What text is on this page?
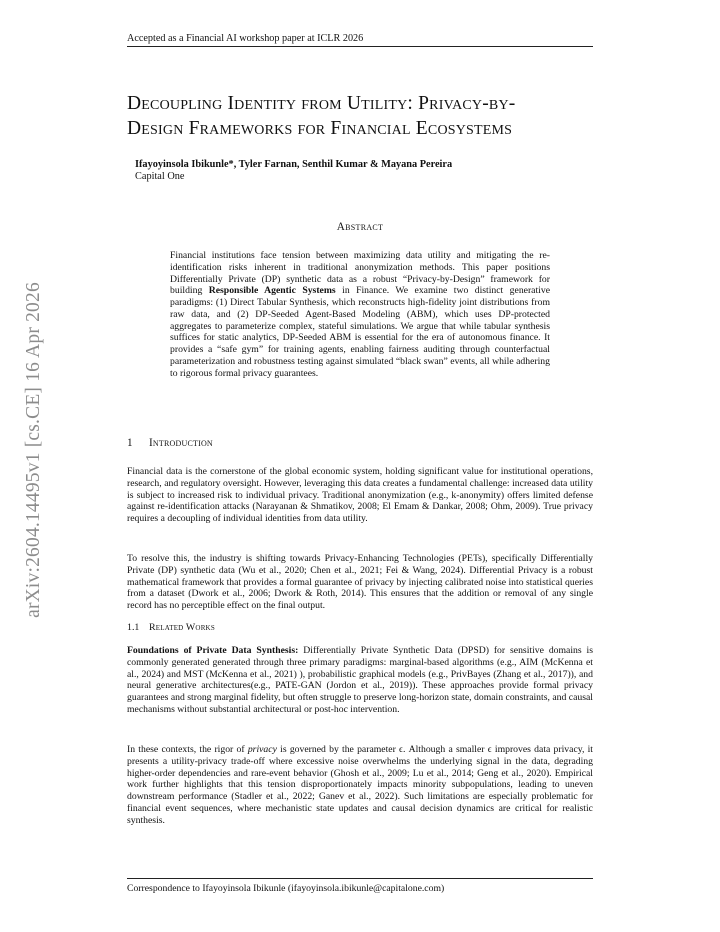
Accepted as a Financial AI workshop paper at ICLR 2026
arXiv:2604.14495v1 [cs.CE] 16 Apr 2026
Decoupling Identity from Utility: Privacy-by-
Design Frameworks for Financial Ecosystems
Ifayoyinsola Ibikunle*, Tyler Farnan, Senthil Kumar & Mayana Pereira
Capital One
Abstract
Financial institutions face tension between maximizing data utility and mitigating the re-identification risks inherent in traditional anonymization methods. This paper positions Differentially Private (DP) synthetic data as a robust “Privacy-by-Design” framework for building Responsible Agentic Systems in Finance. We examine two distinct generative paradigms: (1) Direct Tabular Synthesis, which reconstructs high-fidelity joint distributions from raw data, and (2) DP-Seeded Agent-Based Modeling (ABM), which uses DP-protected aggregates to parameterize complex, stateful simulations. We argue that while tabular synthesis suffices for static analytics, DP-Seeded ABM is essential for the era of autonomous finance. It provides a “safe gym” for training agents, enabling fairness auditing through counterfactual parameterization and robustness testing against simulated “black swan” events, all while adhering to rigorous formal privacy guarantees.
1 Introduction
Financial data is the cornerstone of the global economic system, holding significant value for institutional operations, research, and regulatory oversight. However, leveraging this data creates a fundamental challenge: increased data utility is subject to increased risk to individual privacy. Traditional anonymization (e.g., k-anonymity) offers limited defense against re-identification attacks (Narayanan & Shmatikov, 2008; El Emam & Dankar, 2008; Ohm, 2009). True privacy requires a decoupling of individual identities from data utility.
To resolve this, the industry is shifting towards Privacy-Enhancing Technologies (PETs), specifically Differentially Private (DP) synthetic data (Wu et al., 2020; Chen et al., 2021; Fei & Wang, 2024). Differential Privacy is a robust mathematical framework that provides a formal guarantee of privacy by injecting calibrated noise into statistical queries from a dataset (Dwork et al., 2006; Dwork & Roth, 2014). This ensures that the addition or removal of any single record has no perceptible effect on the final output.
1.1 Related Works
Foundations of Private Data Synthesis: Differentially Private Synthetic Data (DPSD) for sensitive domains is commonly generated generated through three primary paradigms: marginal-based algorithms (e.g., AIM (McKenna et al., 2024) and MST (McKenna et al., 2021) ), probabilistic graphical models (e.g., PrivBayes (Zhang et al., 2017)), and neural generative architectures(e.g., PATE-GAN (Jordon et al., 2019)). These approaches provide formal privacy guarantees and strong marginal fidelity, but often struggle to preserve long-horizon state, domain constraints, and causal mechanisms without substantial architectural or post-hoc intervention.
In these contexts, the rigor of privacy is governed by the parameter ϵ. Although a smaller ϵ improves data privacy, it presents a utility-privacy trade-off where excessive noise overwhelms the underlying signal in the data, degrading higher-order dependencies and rare-event behavior (Ghosh et al., 2009; Lu et al., 2014; Geng et al., 2020). Empirical work further highlights that this tension disproportionately impacts minority subpopulations, leading to uneven downstream performance (Stadler et al., 2022; Ganev et al., 2022). Such limitations are especially problematic for financial event sequences, where mechanistic state updates and causal decision dynamics are critical for realistic synthesis.
Correspondence to Ifayoyinsola Ibikunle (ifayoyinsola.ibikunle@capitalone.com)
